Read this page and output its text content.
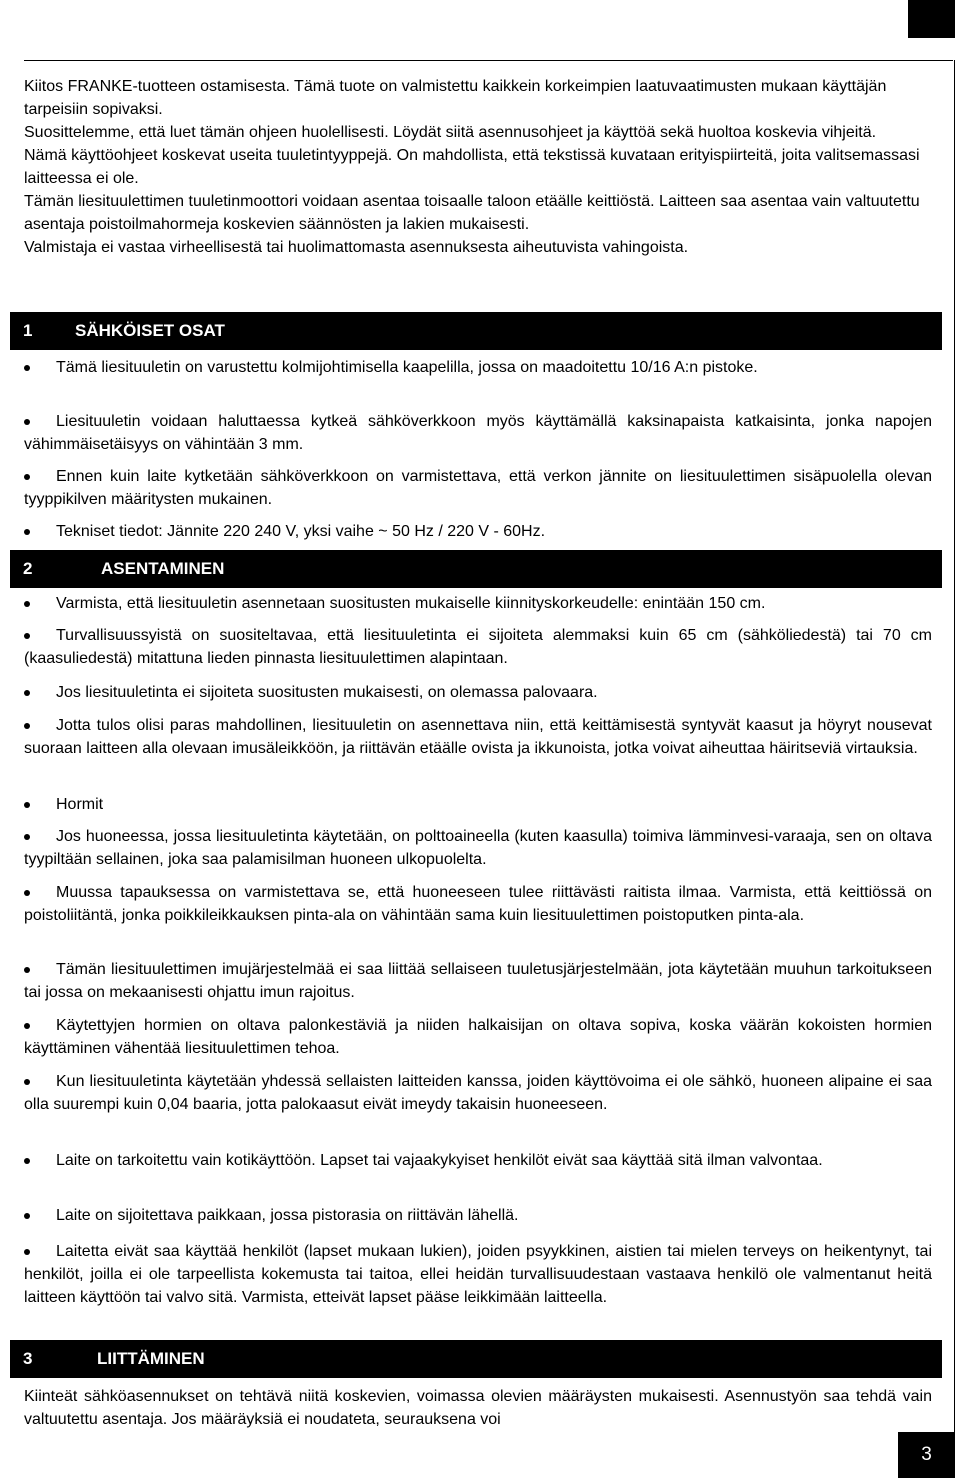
Kiitos FRANKE-tuotteen ostamisesta. Tämä tuote on valmistettu kaikkein korkeimpien laatuvaatimusten mukaan käyttäjän tarpeisiin sopivaksi.

Suosittelemme, että luet tämän ohjeen huolellisesti. Löydät siitä asennusohjeet ja käyttöä sekä huoltoa koskevia vihjeitä.

Nämä käyttöohjeet koskevat useita tuuletintyyppejä. On mahdollista, että tekstissä kuvataan erityispiirteitä, joita valitsemassasi laitteessa ei ole.

Tämän liesituulettimen tuuletinmoottori voidaan asentaa toisaalle taloon etäälle keittiöstä. Laitteen saa asentaa vain valtuutettu asentaja poistoilmahormeja koskevien säännösten ja lakien mukaisesti.

Valmistaja ei vastaa virheellisestä tai huolimattomasta asennuksesta aiheutuvista vahingoista.

1	SÄHKÖISET OSAT
Tämä liesituuletin on varustettu kolmijohtimisella kaapelilla, jossa on maadoitettu 10/16 A:n pistoke.
Liesituuletin voidaan haluttaessa kytkeä sähköverkkoon myös käyttämällä kaksinapaista katkaisinta, jonka napojen vähimmäisetäisyys on vähintään 3 mm.
Ennen kuin laite kytketään sähköverkkoon on varmistettava, että verkon jännite on liesituulettimen sisäpuolella olevan tyyppikilven määritysten mukainen.
Tekniset tiedot: Jännite 220 240 V, yksi vaihe ~ 50 Hz / 220 V - 60Hz.
2	ASENTAMINEN
Varmista, että liesituuletin asennetaan suositusten mukaiselle kiinnityskorkeudelle: enintään 150 cm.
Turvallisuussyistä on suositeltavaa, että liesituuletinta ei sijoiteta alemmaksi kuin 65 cm (sähköliedestä) tai 70 cm (kaasuliedestä) mitattuna lieden pinnasta liesituulettimen alapintaan.
Jos liesituuletinta ei sijoiteta suositusten mukaisesti, on olemassa palovaara.
Jotta tulos olisi paras mahdollinen, liesituuletin on asennettava niin, että keittämisestä syntyvät kaasut ja höyryt nousevat suoraan laitteen alla olevaan imusäleikköön, ja riittävän etäälle ovista ja ikkunoista, jotka voivat aiheuttaa häiritseviä virtauksia.
Hormit
Jos huoneessa, jossa liesituuletinta käytetään, on polttoaineella (kuten kaasulla) toimiva lämminvesi-varaaja, sen on oltava tyypiltään sellainen, joka saa palamisilman huoneen ulkopuolelta.
Muussa tapauksessa on varmistettava se, että huoneeseen tulee riittävästi raitista ilmaa. Varmista, että keittiössä on poistoliitäntä, jonka poikkileikkauksen pinta-ala on vähintään sama kuin liesituulettimen poistoputken pinta-ala.
Tämän liesituulettimen imujärjestelmää ei saa liittää sellaiseen tuuletusjärjestelmään, jota käytetään muuhun tarkoitukseen tai jossa on mekaanisesti ohjattu imun rajoitus.
Käytettyjen hormien on oltava palonkestäviä ja niiden halkaisijan on oltava sopiva, koska väärän kokoisten hormien käyttäminen vähentää liesituulettimen tehoa.
Kun liesituuletinta käytetään yhdessä sellaisten laitteiden kanssa, joiden käyttövoima ei ole sähkö, huoneen alipaine ei saa olla suurempi kuin 0,04 baaria, jotta palokaasut eivät imeydy takaisin huoneeseen.
Laite on tarkoitettu vain kotikäyttöön. Lapset tai vajaakykyiset henkilöt eivät saa käyttää sitä ilman valvontaa.
Laite on sijoitettava paikkaan, jossa pistorasia on riittävän lähellä.
Laitetta eivät saa käyttää henkilöt (lapset mukaan lukien), joiden psyykkinen, aistien tai mielen terveys on heikentynyt, tai henkilöt, joilla ei ole tarpeellista kokemusta tai taitoa, ellei heidän turvallisuudestaan vastaava henkilö ole valmentanut heitä laitteen käyttöön tai valvo sitä. Varmista, etteivät lapset pääse leikkimään laitteella.
3	LIITTÄMINEN
Kiinteät sähköasennukset on tehtävä niitä koskevien, voimassa olevien määräysten mukaisesti. Asennustyön saa tehdä vain valtuutettu asentaja. Jos määräyksiä ei noudateta, seurauksena voi
3
